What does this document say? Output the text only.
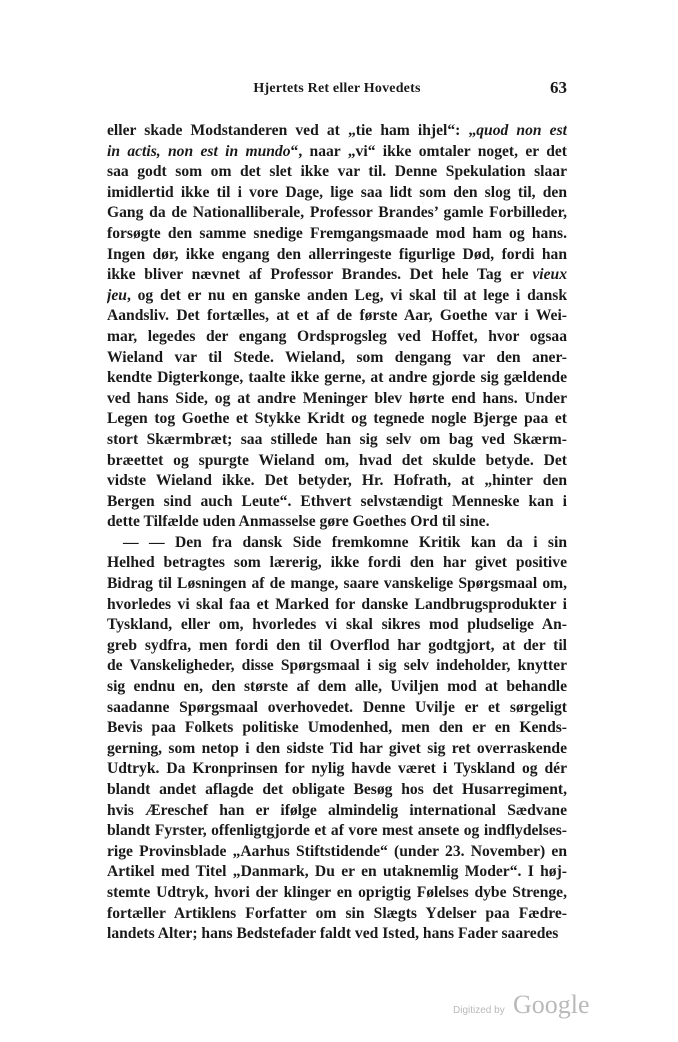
Hjertets Ret eller Hovedets	63
eller skade Modstanderen ved at „tie ham ihjel“: „quod non est
in actis, non est in mundo“, naar „vi“ ikke omtaler noget, er det
saa godt som om det slet ikke var til. Denne Spekulation slaar
imidlertid ikke til i vore Dage, lige saa lidt som den slog til, den
Gang da de Nationalliberale, Professor Brandes’ gamle Forbilleder,
forsøgte den samme snedige Fremgangsmaade mod ham og hans.
Ingen dør, ikke engang den allerringeste figurlige Død, fordi han
ikke bliver nævnet af Professor Brandes. Det hele Tag er vieux
jeu, og det er nu en ganske anden Leg, vi skal til at lege i dansk
Aandsliv. Det fortælles, at et af de første Aar, Goethe var i Wei-
mar, legedes der engang Ordsprogsleg ved Hoffet, hvor ogsaa
Wieland var til Stede. Wieland, som dengang var den aner-
kendte Digterkonge, taalte ikke gerne, at andre gjorde sig gældende
ved hans Side, og at andre Meninger blev hørte end hans. Under
Legen tog Goethe et Stykke Kridt og tegnede nogle Bjerge paa et
stort Skærmbræt; saa stillede han sig selv om bag ved Skærm-
bræettet og spurgte Wieland om, hvad det skulde betyde. Det
vidste Wieland ikke. Det betyder, Hr. Hofrath, at „hinter den
Bergen sind auch Leute“. Ethvert selvstændigt Menneske kan i
dette Tilfælde uden Anmasselse gøre Goethes Ord til sine.
— — Den fra dansk Side fremkomne Kritik kan da i sin
Helhed betragtes som lærerig, ikke fordi den har givet positive
Bidrag til Løsningen af de mange, saare vanskelige Spørgsmaal om,
hvorledes vi skal faa et Marked for danske Landbrugsprodukter i
Tyskland, eller om, hvorledes vi skal sikres mod pludselige An-
greb sydfra, men fordi den til Overflod har godtgjort, at der til
de Vanskeligheder, disse Spørgsmaal i sig selv indeholder, knytter
sig endnu en, den største af dem alle, Uviljen mod at behandle
saadanne Spørgsmaal overhovedet. Denne Uvilje er et sørgeligt
Bevis paa Folkets politiske Umodenhed, men den er en Kends-
gerning, som netop i den sidste Tid har givet sig ret overraskende
Udtryk. Da Kronprinsen for nylig havde været i Tyskland og dér
blandt andet aflagde det obligate Besøg hos det Husarregiment,
hvis Æreschef han er ifølge almindelig international Sædvane
blandt Fyrster, offenligtgjorde et af vore mest ansete og indflydelses-
rige Provinsblade „Aarhus Stiftstidende“ (under 23. November) en
Artikel med Titel „Danmark, Du er en utaknemlig Moder“. I høj-
stemte Udtryk, hvori der klinger en oprigtig Følelses dybe Strenge,
fortæller Artiklens Forfatter om sin Slægts Ydelser paa Fædre-
landets Alter; hans Bedstefader faldt ved Isted, hans Fader saaredes
Digitized by Google
